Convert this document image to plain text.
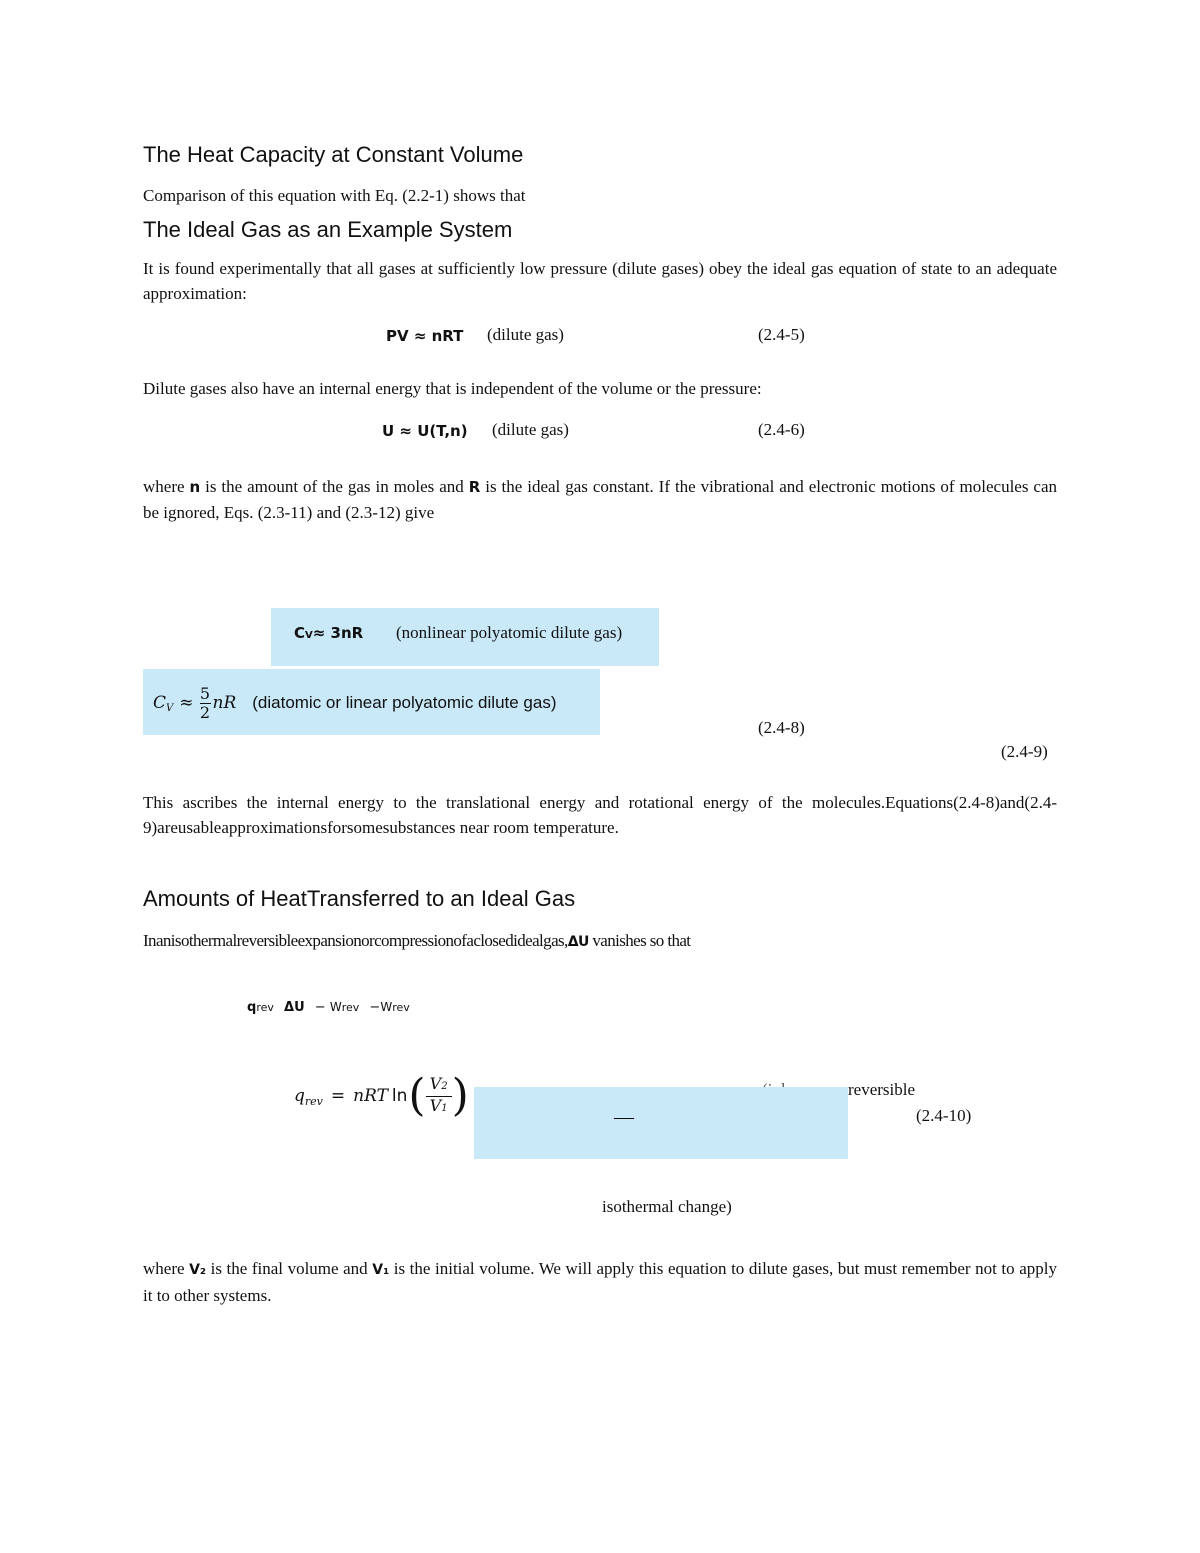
The Heat Capacity at Constant Volume
Comparison of this equation with Eq. (2.2-1) shows that
The Ideal Gas as an Example System
It is found experimentally that all gases at sufficiently low pressure (dilute gases) obey the ideal gas equation of state to an adequate approximation:
PV ≈ nRT (dilute gas)	(2.4-5)
Dilute gases also have an internal energy that is independent of the volume or the pressure:
U ≈ U(T,n) (dilute gas)	(2.4-6)
where n is the amount of the gas in moles and R is the ideal gas constant. If the vibrational and electronic motions of molecules can be ignored, Eqs. (2.3-11) and (2.3-12) give
CV≈ 3nR (nonlinear polyatomic dilute gas)
C $V \approx \frac{5}{2}$ nR (diatomic or linear polyatomic dilute gas)
(2.4-8)
(2.4-9)
This ascribes the internal energy to the translational energy and rotational energy of the molecules.Equations(2.4-8)and(2.4-9)areusableapproximationsforsomesubstances near room temperature.
Amounts of HeatTransferred to an Ideal Gas
Inanisothermalreversibleexpansionorcompressionofaclosedidealgas,ΔU vanishes so that
qrev ΔU − Wrev −Wrev
q rev = nRT ln ( $\frac{V2}{V1}$ )	—
reversible
(2.4-10)
isothermal change)
where V₂ is the final volume and V₁ is the initial volume. We will apply this equation to dilute gases, but must remember not to apply it to other systems.
